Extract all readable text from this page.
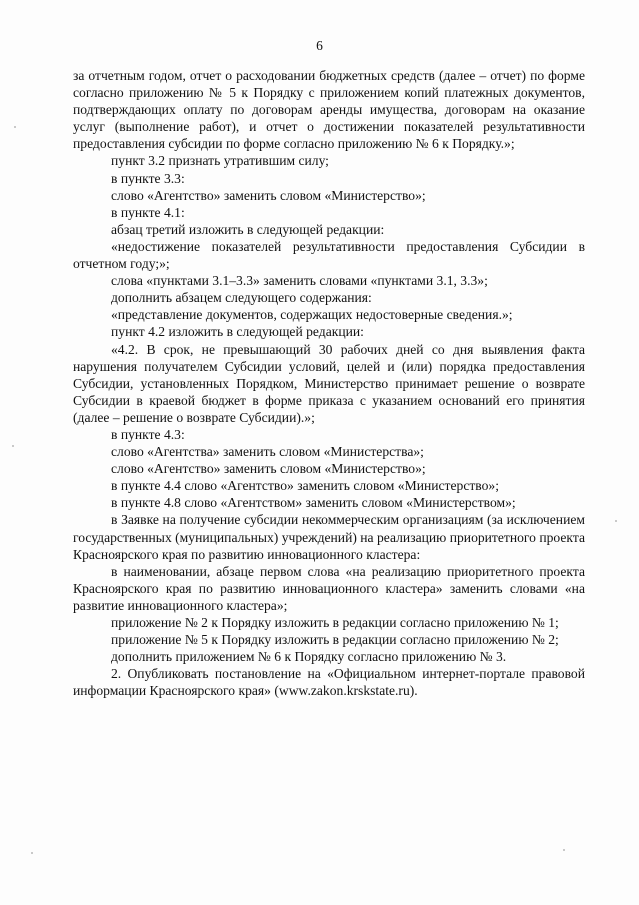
6

за отчетным годом, отчет о расходовании бюджетных средств (далее – отчет) по форме согласно приложению № 5 к Порядку с приложением копий платежных документов, подтверждающих оплату по договорам аренды имущества, договорам на оказание услуг (выполнение работ), и отчет о достижении показателей результативности предоставления субсидии по форме согласно приложению № 6 к Порядку.»;

пункт 3.2 признать утратившим силу;

в пункте 3.3:

слово «Агентство» заменить словом «Министерство»;

в пункте 4.1:

абзац третий изложить в следующей редакции:

«недостижение показателей результативности предоставления Субсидии в отчетном году;»;

слова «пунктами 3.1–3.3» заменить словами «пунктами 3.1, 3.3»;

дополнить абзацем следующего содержания:

«представление документов, содержащих недостоверные сведения.»;

пункт 4.2 изложить в следующей редакции:

«4.2. В срок, не превышающий 30 рабочих дней со дня выявления факта нарушения получателем Субсидии условий, целей и (или) порядка предоставления Субсидии, установленных Порядком, Министерство принимает решение о возврате Субсидии в краевой бюджет в форме приказа с указанием оснований его принятия (далее – решение о возврате Субсидии).»;

в пункте 4.3:

слово «Агентства» заменить словом «Министерства»;

слово «Агентство» заменить словом «Министерство»;

в пункте 4.4 слово «Агентство» заменить словом «Министерство»;

в пункте 4.8 слово «Агентством» заменить словом «Министерством»;

в Заявке на получение субсидии некоммерческим организациям (за исключением государственных (муниципальных) учреждений) на реализацию приоритетного проекта Красноярского края по развитию инновационного кластера:

в наименовании, абзаце первом слова «на реализацию приоритетного проекта Красноярского края по развитию инновационного кластера» заменить словами «на развитие инновационного кластера»;

приложение № 2 к Порядку изложить в редакции согласно приложению № 1;

приложение № 5 к Порядку изложить в редакции согласно приложению № 2;

дополнить приложением № 6 к Порядку согласно приложению № 3.

2. Опубликовать постановление на «Официальном интернет-портале правовой информации Красноярского края» (www.zakon.krskstate.ru).
